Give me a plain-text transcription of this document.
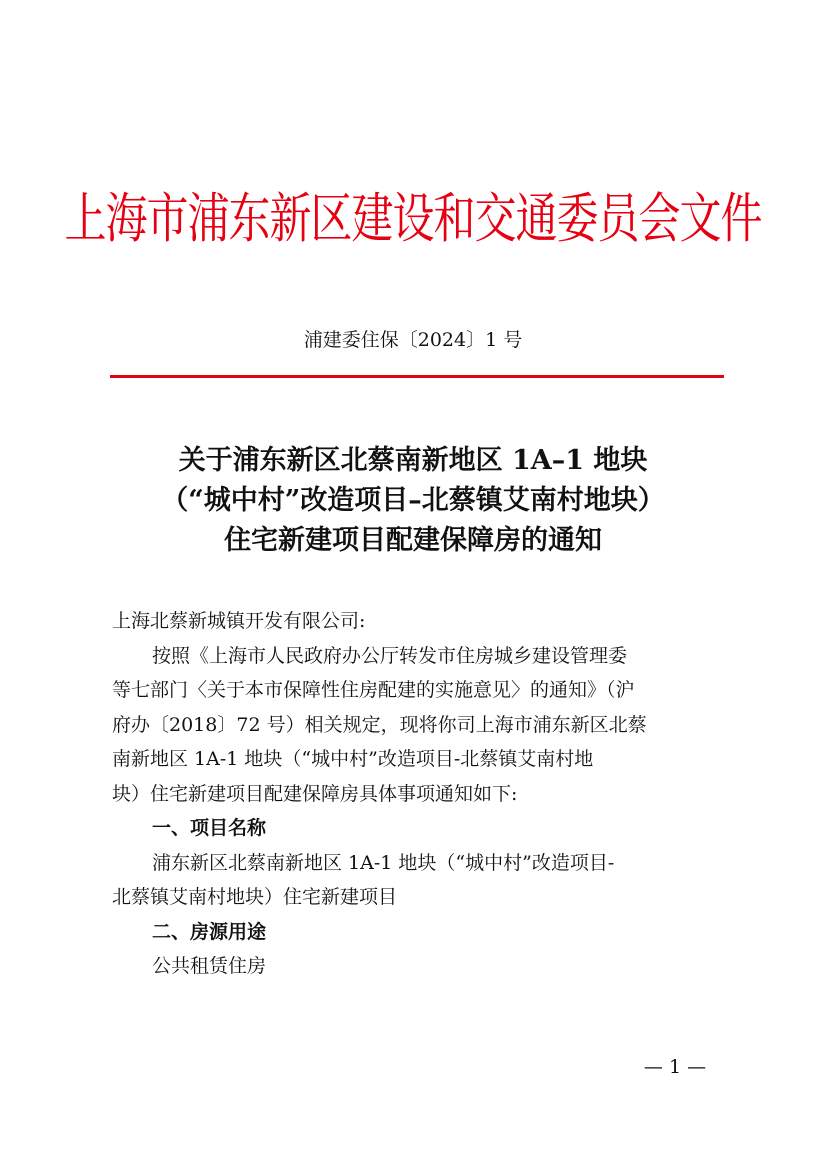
上海市浦东新区建设和交通委员会文件
浦建委住保〔2024〕1 号
关于浦东新区北蔡南新地区 1A–1 地块
（“城中村”改造项目–北蔡镇艾南村地块）
住宅新建项目配建保障房的通知

上海北蔡新城镇开发有限公司:

按照《上海市人民政府办公厅转发市住房城乡建设管理委

等七部门〈关于本市保障性住房配建的实施意见〉的通知》（沪

府办〔2018〕72 号）相关规定，现将你司上海市浦东新区北蔡

南新地区 1A-1 地块（“城中村”改造项目-北蔡镇艾南村地

块）住宅新建项目配建保障房具体事项通知如下:

一、项目名称

浦东新区北蔡南新地区 1A-1 地块（“城中村”改造项目-

北蔡镇艾南村地块）住宅新建项目

二、房源用途

公共租赁住房

— 1 —
